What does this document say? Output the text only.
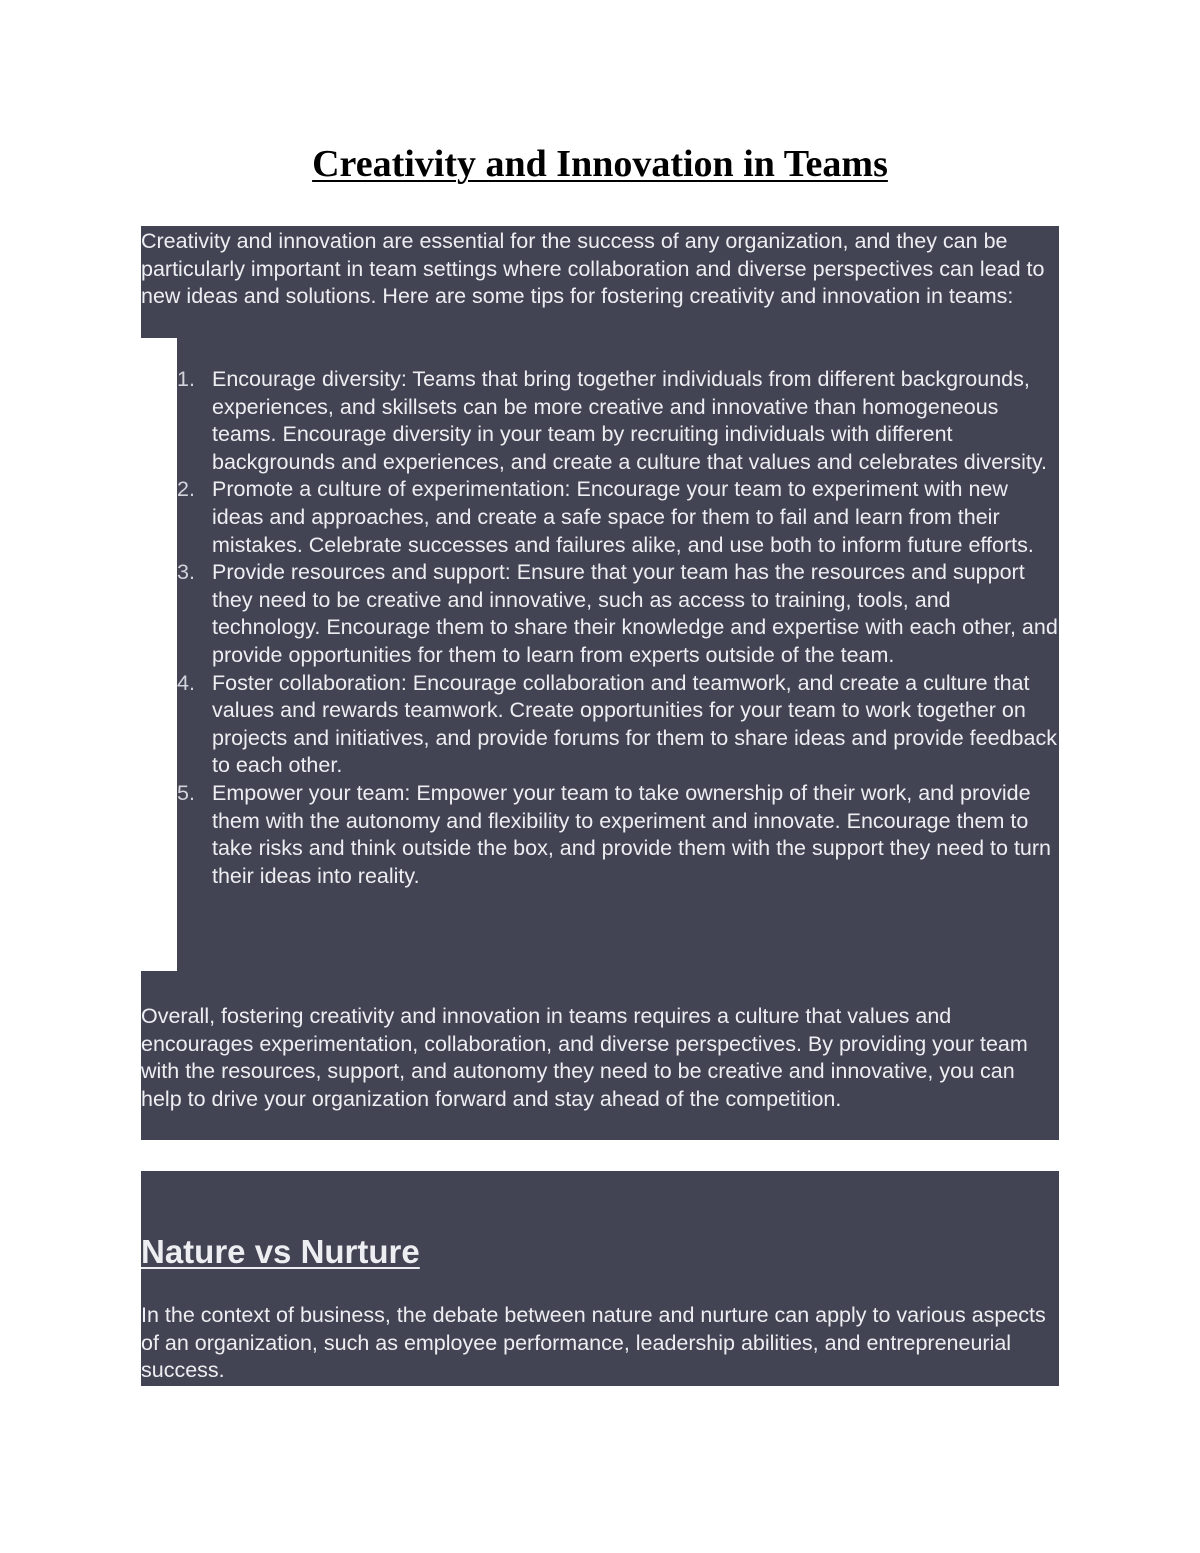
Creativity and Innovation in Teams

Creativity and innovation are essential for the success of any organization, and they can be particularly important in team settings where collaboration and diverse perspectives can lead to new ideas and solutions. Here are some tips for fostering creativity and innovation in teams:

1. Encourage diversity: Teams that bring together individuals from different backgrounds, experiences, and skillsets can be more creative and innovative than homogeneous teams. Encourage diversity in your team by recruiting individuals with different backgrounds and experiences, and create a culture that values and celebrates diversity.
2. Promote a culture of experimentation: Encourage your team to experiment with new ideas and approaches, and create a safe space for them to fail and learn from their mistakes. Celebrate successes and failures alike, and use both to inform future efforts.
3. Provide resources and support: Ensure that your team has the resources and support they need to be creative and innovative, such as access to training, tools, and technology. Encourage them to share their knowledge and expertise with each other, and provide opportunities for them to learn from experts outside of the team.
4. Foster collaboration: Encourage collaboration and teamwork, and create a culture that values and rewards teamwork. Create opportunities for your team to work together on projects and initiatives, and provide forums for them to share ideas and provide feedback to each other.
5. Empower your team: Empower your team to take ownership of their work, and provide them with the autonomy and flexibility to experiment and innovate. Encourage them to take risks and think outside the box, and provide them with the support they need to turn their ideas into reality.

Overall, fostering creativity and innovation in teams requires a culture that values and encourages experimentation, collaboration, and diverse perspectives. By providing your team with the resources, support, and autonomy they need to be creative and innovative, you can help to drive your organization forward and stay ahead of the competition.

Nature vs Nurture

In the context of business, the debate between nature and nurture can apply to various aspects of an organization, such as employee performance, leadership abilities, and entrepreneurial success.
